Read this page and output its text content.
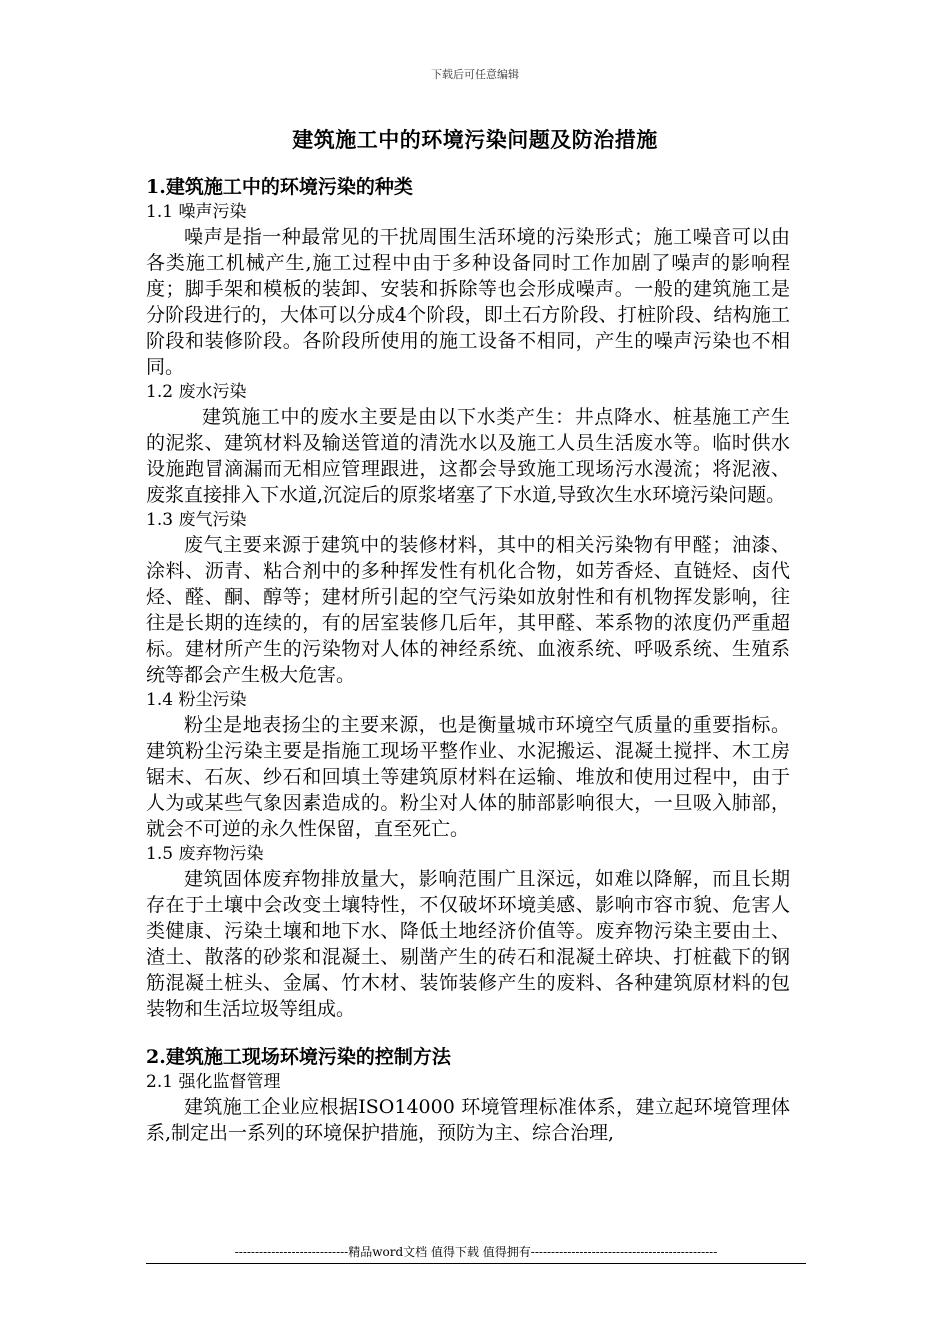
下载后可任意编辑
建筑施工中的环境污染问题及防治措施
1.建筑施工中的环境污染的种类
1.1 噪声污染

噪声是指一种最常见的干扰周围生活环境的污染形式；施工噪音可以由各类施工机械产生,施工过程中由于多种设备同时工作加剧了噪声的影响程度；脚手架和模板的装卸、安装和拆除等也会形成噪声。一般的建筑施工是分阶段进行的，大体可以分成4个阶段，即土石方阶段、打桩阶段、结构施工阶段和装修阶段。各阶段所使用的施工设备不相同，产生的噪声污染也不相同。

1.2 废水污染

建筑施工中的废水主要是由以下水类产生：井点降水、桩基施工产生的泥浆、建筑材料及输送管道的清洗水以及施工人员生活废水等。临时供水设施跑冒滴漏而无相应管理跟进，这都会导致施工现场污水漫流；将泥液、废浆直接排入下水道,沉淀后的原浆堵塞了下水道,导致次生水环境污染问题。

1.3 废气污染

废气主要来源于建筑中的装修材料，其中的相关污染物有甲醛；油漆、涂料、沥青、粘合剂中的多种挥发性有机化合物，如芳香烃、直链烃、卤代烃、醛、酮、醇等；建材所引起的空气污染如放射性和有机物挥发影响，往往是长期的连续的，有的居室装修几后年，其甲醛、苯系物的浓度仍严重超标。建材所产生的污染物对人体的神经系统、血液系统、呼吸系统、生殖系统等都会产生极大危害。

1.4 粉尘污染

粉尘是地表扬尘的主要来源，也是衡量城市环境空气质量的重要指标。建筑粉尘污染主要是指施工现场平整作业、水泥搬运、混凝土搅拌、木工房锯末、石灰、纱石和回填土等建筑原材料在运输、堆放和使用过程中，由于人为或某些气象因素造成的。粉尘对人体的肺部影响很大，一旦吸入肺部，就会不可逆的永久性保留，直至死亡。

1.5 废弃物污染

建筑固体废弃物排放量大，影响范围广且深远，如难以降解，而且长期存在于土壤中会改变土壤特性，不仅破坏环境美感、影响市容市貌、危害人类健康、污染土壤和地下水、降低土地经济价值等。废弃物污染主要由土、渣土、散落的砂浆和混凝土、剔凿产生的砖石和混凝土碎块、打桩截下的钢筋混凝土桩头、金属、竹木材、装饰装修产生的废料、各种建筑原材料的包装物和生活垃圾等组成。

2.建筑施工现场环境污染的控制方法
2.1 强化监督管理

建筑施工企业应根据ISO14000 环境管理标准体系，建立起环境管理体系,制定出一系列的环境保护措施，预防为主、综合治理,

----------------------------精品word文档 值得下载 值得拥有----------------------------------------------
